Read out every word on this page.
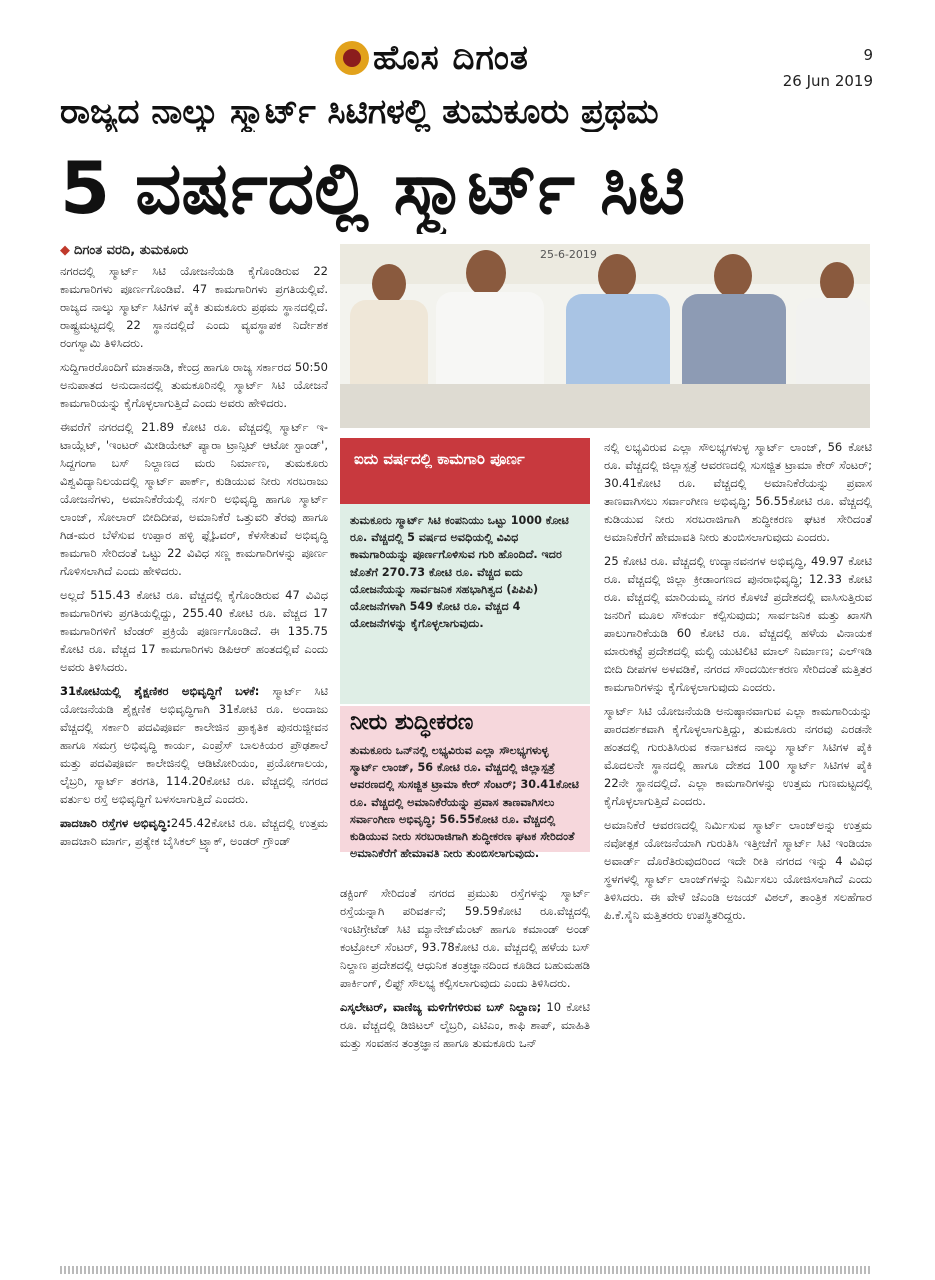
ಹೊಸ ದಿಗಂತ	9
26 Jun 2019
ರಾಜ್ಯದ ನಾಲ್ಕು ಸ್ಮಾರ್ಟ್ ಸಿಟಿಗಳಲ್ಲಿ ತುಮಕೂರು ಪ್ರಥಮ
5 ವರ್ಷದಲ್ಲಿ ಸ್ಮಾರ್ಟ್ ಸಿಟಿ
◆ ದಿಗಂತ ವರದಿ, ತುಮಕೂರು

ನಗರದಲ್ಲಿ ಸ್ಮಾರ್ಟ್ ಸಿಟಿ ಯೋಜನೆಯಡಿ ಕೈಗೊಂಡಿರುವ 22 ಕಾಮಗಾರಿಗಳು ಪೂರ್ಣಗೊಂಡಿವೆ. 47 ಕಾಮಗಾರಿಗಳು ಪ್ರಗತಿಯಲ್ಲಿವೆ. ರಾಜ್ಯದ ನಾಲ್ಕು ಸ್ಮಾರ್ಟ್ ಸಿಟಿಗಳ ಪೈಕಿ ತುಮಕೂರು ಪ್ರಥಮ ಸ್ಥಾನದಲ್ಲಿದೆ. ರಾಷ್ಟ್ರಮಟ್ಟದಲ್ಲಿ 22 ಸ್ಥಾನದಲ್ಲಿದೆ ಎಂದು ವ್ಯವಸ್ಥಾಪಕ ನಿರ್ದೇಶಕ ರಂಗಸ್ವಾಮಿ ತಿಳಿಸಿದರು.

ಸುದ್ದಿಗಾರರೊಂದಿಗೆ ಮಾತನಾಡಿ, ಕೇಂದ್ರ ಹಾಗೂ ರಾಜ್ಯ ಸರ್ಕಾರದ 50:50 ಅನುಪಾತದ ಅನುದಾನದಲ್ಲಿ ತುಮಕೂರಿನಲ್ಲಿ ಸ್ಮಾರ್ಟ್ ಸಿಟಿ ಯೋಜನೆ ಕಾಮಗಾರಿಯನ್ನು ಕೈಗೊಳ್ಳಲಾಗುತ್ತಿದೆ ಎಂದು ಅವರು ಹೇಳಿದರು.

ಈವರೆಗೆ ನಗರದಲ್ಲಿ 21.89 ಕೋಟಿ ರೂ. ವೆಚ್ಚದಲ್ಲಿ ಸ್ಮಾರ್ಟ್ ಇ-ಟಾಯ್ಲೆಟ್, 'ಇಂಟರ್ ಮೀಡಿಯೇಟ್ ಪ್ಯಾರಾ ಟ್ರಾನ್ಸಿಟ್ ಆಟೋ ಸ್ಟಾಂಡ್', ಸಿದ್ದಗಂಗಾ ಬಸ್ ನಿಲ್ದಾಣದ ಮರು ನಿರ್ಮಾಣ, ತುಮಕೂರು ವಿಶ್ವವಿದ್ಯಾನಿಲಯದಲ್ಲಿ ಸ್ಮಾರ್ಟ್ ಪಾರ್ಕ್, ಕುಡಿಯುವ ನೀರು ಸರಬರಾಜು ಯೋಜನೆಗಳು, ಅಮಾನಿಕೆರೆಯಲ್ಲಿ ನರ್ಸರಿ ಅಭಿವೃದ್ಧಿ ಹಾಗೂ ಸ್ಮಾರ್ಟ್ ಲಾಂಜ್, ಸೋಲಾರ್ ಬೀದಿದೀಪ, ಅಮಾನಿಕೆರೆ ಒತ್ತುವರಿ ತೆರವು ಹಾಗೂ ಗಿಡ-ಮರ ಬೆಳೆಸುವ ಉಪ್ಪಾರ ಹಳ್ಳಿ ಫ್ಲೈಓವರ್, ಕೆಳಸೇತುವೆ ಅಭಿವೃದ್ಧಿ ಕಾಮಗಾರಿ ಸೇರಿದಂತೆ ಒಟ್ಟು 22 ವಿವಿಧ ಸಣ್ಣ ಕಾಮಗಾರಿಗಳನ್ನು ಪೂರ್ಣ ಗೊಳಿಸಲಾಗಿದೆ ಎಂದು ಹೇಳಿದರು.

ಅಲ್ಲದೆ 515.43 ಕೋಟಿ ರೂ. ವೆಚ್ಚದಲ್ಲಿ ಕೈಗೊಂಡಿರುವ 47 ವಿವಿಧ ಕಾಮಗಾರಿಗಳು ಪ್ರಗತಿಯಲ್ಲಿದ್ದು, 255.40 ಕೋಟಿ ರೂ. ವೆಚ್ಚದ 17 ಕಾಮಗಾರಿಗಳಿಗೆ ಟೆಂಡರ್ ಪ್ರಕ್ರಿಯೆ ಪೂರ್ಣಗೊಂಡಿದೆ. ಈ 135.75 ಕೋಟಿ ರೂ. ವೆಚ್ಚದ 17 ಕಾಮಗಾರಿಗಳು ಡಿಪಿಆರ್ ಹಂತದಲ್ಲಿವೆ ಎಂದು ಅವರು ತಿಳಿಸಿದರು.

31ಕೋಟಿಯಲ್ಲಿ ಶೈಕ್ಷಣಿಕರ ಅಭಿವೃದ್ಧಿಗೆ ಬಳಕೆ: ಸ್ಮಾರ್ಟ್ ಸಿಟಿ ಯೋಜನೆಯಡಿ ಶೈಕ್ಷಣಿಕ ಅಭಿವೃದ್ಧಿಗಾಗಿ 31ಕೋಟಿ ರೂ. ಅಂದಾಜು ವೆಚ್ಚದಲ್ಲಿ ಸರ್ಕಾರಿ ಪದವಿಪೂರ್ವ ಕಾಲೇಜಿನ ಪ್ರಾಕೃತಿಕ ಪುನರುಜ್ಜೀವನ ಹಾಗೂ ಸಮಗ್ರ ಅಭಿವೃದ್ಧಿ ಕಾರ್ಯ, ಎಂಪ್ರೆಸ್ ಬಾಲಕಿಯರ ಪ್ರೌಢಶಾಲೆ ಮತ್ತು ಪದವಿಪೂರ್ವ ಕಾಲೇಜಿನಲ್ಲಿ ಆಡಿಟೋರಿಯಂ, ಪ್ರಯೋಗಾಲಯ, ಲೈಬ್ರರಿ, ಸ್ಮಾರ್ಟ್ ತರಗತಿ, 114.20ಕೋಟಿ ರೂ. ವೆಚ್ಚದಲ್ಲಿ ನಗರದ ವರ್ತುಲ ರಸ್ತೆ ಅಭಿವೃದ್ಧಿಗೆ ಬಳಸಲಾಗುತ್ತಿದೆ ಎಂದರು.

ಪಾದಚಾರಿ ರಸ್ತೆಗಳ ಅಭಿವೃದ್ಧಿ:245.42ಕೋಟಿ ರೂ. ವೆಚ್ಚದಲ್ಲಿ ಉತ್ತಮ ಪಾದಚಾರಿ ಮಾರ್ಗ, ಪ್ರತ್ಯೇಕ ಬೈಸಿಕಲ್ ಟ್ರ್ಯಾಕ್, ಅಂಡರ್ ಗ್ರೌಂಡ್

25-6-2019
ಐದು ವರ್ಷದಲ್ಲಿ ಕಾಮಗಾರಿ ಪೂರ್ಣ
ತುಮಕೂರು ಸ್ಮಾರ್ಟ್ ಸಿಟಿ ಕಂಪನಿಯು ಒಟ್ಟು 1000 ಕೋಟಿ ರೂ. ವೆಚ್ಚದಲ್ಲಿ 5 ವರ್ಷದ ಅವಧಿಯಲ್ಲಿ ವಿವಿಧ ಕಾಮಗಾರಿಯನ್ನು ಪೂರ್ಣಗೊಳಿಸುವ ಗುರಿ ಹೊಂದಿದೆ. ಇದರ ಜೊತೆಗೆ 270.73 ಕೋಟಿ ರೂ. ವೆಚ್ಚದ ಐದು ಯೋಜನೆಯನ್ನು ಸಾರ್ವಜನಿಕ ಸಹಭಾಗಿತ್ವದ (ಪಿಪಿಪಿ) ಯೋಜನೆಗಳಾಗಿ 549 ಕೋಟಿ ರೂ. ವೆಚ್ಚದ 4 ಯೋಜನೆಗಳನ್ನು ಕೈಗೊಳ್ಳಲಾಗುವುದು.
ನೀರು ಶುದ್ಧೀಕರಣ
ತುಮಕೂರು ಒನ್‌ನಲ್ಲಿ ಲಭ್ಯವಿರುವ ಎಲ್ಲಾ ಸೌಲಭ್ಯಗಳುಳ್ಳ ಸ್ಮಾರ್ಟ್ ಲಾಂಜ್, 56 ಕೋಟಿ ರೂ. ವೆಚ್ಚದಲ್ಲಿ ಜಿಲ್ಲಾಸ್ಪತ್ರೆ ಆವರಣದಲ್ಲಿ ಸುಸಜ್ಜಿತ ಟ್ರಾಮಾ ಕೇರ್ ಸೆಂಟರ್; 30.41ಕೋಟಿ ರೂ. ವೆಚ್ಚದಲ್ಲಿ ಅಮಾನಿಕೆರೆಯನ್ನು ಪ್ರವಾಸ ತಾಣವಾಗಿಸಲು ಸರ್ವಾಂಗೀಣ ಅಭಿವೃದ್ಧಿ; 56.55ಕೋಟಿ ರೂ. ವೆಚ್ಚದಲ್ಲಿ ಕುಡಿಯುವ ನೀರು ಸರಬರಾಜಿಗಾಗಿ ಶುದ್ಧೀಕರಣ ಘಟಕ ಸೇರಿದಂತೆ ಅಮಾನಿಕೆರೆಗೆ ಹೇಮಾವತಿ ನೀರು ತುಂಬಿಸಲಾಗುವುದು.

ಡಕ್ಟಿಂಗ್ ಸೇರಿದಂತೆ ನಗರದ ಪ್ರಮುಖ ರಸ್ತೆಗಳನ್ನು ಸ್ಮಾರ್ಟ್ ರಸ್ತೆಯನ್ನಾಗಿ ಪರಿವರ್ತನೆ; 59.59ಕೋಟಿ ರೂ.ವೆಚ್ಚದಲ್ಲಿ ಇಂಟಿಗ್ರೇಟೆಡ್ ಸಿಟಿ ಮ್ಯಾನೇಜ್‌ಮೆಂಟ್ ಹಾಗೂ ಕಮಾಂಡ್ ಅಂಡ್ ಕಂಟ್ರೋಲ್ ಸೆಂಟರ್, 93.78ಕೋಟಿ ರೂ. ವೆಚ್ಚದಲ್ಲಿ ಹಳೆಯ ಬಸ್ ನಿಲ್ದಾಣ ಪ್ರದೇಶದಲ್ಲಿ ಆಧುನಿಕ ತಂತ್ರಜ್ಞಾನದಿಂದ ಕೂಡಿದ ಬಹುಮಹಡಿ ಪಾರ್ಕಿಂಗ್, ಲಿಫ್ಟ್ ಸೌಲಭ್ಯ ಕಲ್ಪಿಸಲಾಗುವುದು ಎಂದು ತಿಳಿಸಿದರು.

ಎಸ್ಕಲೇಟರ್, ವಾಣಿಜ್ಯ ಮಳಿಗೆಗಳಿರುವ ಬಸ್ ನಿಲ್ದಾಣ; 10 ಕೋಟಿ ರೂ. ವೆಚ್ಚದಲ್ಲಿ ಡಿಜಿಟಲ್ ಲೈಬ್ರರಿ, ಎಟಿಎಂ, ಕಾಫಿ ಶಾಪ್, ಮಾಹಿತಿ ಮತ್ತು ಸಂವಹನ ತಂತ್ರಜ್ಞಾನ ಹಾಗೂ ತುಮಕೂರು ಒನ್

ನಲ್ಲಿ ಲಭ್ಯವಿರುವ ಎಲ್ಲಾ ಸೌಲಭ್ಯಗಳುಳ್ಳ ಸ್ಮಾರ್ಟ್ ಲಾಂಜ್, 56 ಕೋಟಿ ರೂ. ವೆಚ್ಚದಲ್ಲಿ ಜಿಲ್ಲಾಸ್ಪತ್ರೆ ಆವರಣದಲ್ಲಿ ಸುಸಜ್ಜಿತ ಟ್ರಾಮಾ ಕೇರ್ ಸೆಂಟರ್; 30.41ಕೋಟಿ ರೂ. ವೆಚ್ಚದಲ್ಲಿ ಅಮಾನಿಕೆರೆಯನ್ನು ಪ್ರವಾಸ ತಾಣವಾಗಿಸಲು ಸರ್ವಾಂಗೀಣ ಅಭಿವೃದ್ಧಿ; 56.55ಕೋಟಿ ರೂ. ವೆಚ್ಚದಲ್ಲಿ ಕುಡಿಯುವ ನೀರು ಸರಬರಾಜಿಗಾಗಿ ಶುದ್ಧೀಕರಣ ಘಟಕ ಸೇರಿದಂತೆ ಅಮಾನಿಕೆರೆಗೆ ಹೇಮಾವತಿ ನೀರು ತುಂಬಿಸಲಾಗುವುದು ಎಂದರು.

25 ಕೋಟಿ ರೂ. ವೆಚ್ಚದಲ್ಲಿ ಉದ್ಯಾನವನಗಳ ಅಭಿವೃದ್ಧಿ, 49.97 ಕೋಟಿ ರೂ. ವೆಚ್ಚದಲ್ಲಿ ಜಿಲ್ಲಾ ಕ್ರೀಡಾಂಗಣದ ಪುನರಾಭಿವೃದ್ಧಿ; 12.33 ಕೋಟಿ ರೂ. ವೆಚ್ಚದಲ್ಲಿ ಮಾರಿಯಮ್ಮ ನಗರ ಕೊಳಚೆ ಪ್ರದೇಶದಲ್ಲಿ ವಾಸಿಸುತ್ತಿರುವ ಜನರಿಗೆ ಮೂಲ ಸೌಕರ್ಯ ಕಲ್ಪಿಸುವುದು; ಸಾರ್ವಜನಿಕ ಮತ್ತು ಖಾಸಗಿ ಪಾಲುಗಾರಿಕೆಯಡಿ 60 ಕೋಟಿ ರೂ. ವೆಚ್ಚದಲ್ಲಿ ಹಳೆಯ ವಿನಾಯಕ ಮಾರುಕಟ್ಟೆ ಪ್ರದೇಶದಲ್ಲಿ ಮಲ್ಟಿ ಯುಟಿಲಿಟಿ ಮಾಲ್ ನಿರ್ಮಾಣ; ಎಲ್‌ಇಡಿ ಬೀದಿ ದೀಪಗಳ ಅಳವಡಿಕೆ, ನಗರದ ಸೌಂದರ್ಯೀಕರಣ ಸೇರಿದಂತೆ ಮತ್ತಿತರ ಕಾಮಗಾರಿಗಳನ್ನು ಕೈಗೊಳ್ಳಲಾಗುವುದು ಎಂದರು.

ಸ್ಮಾರ್ಟ್ ಸಿಟಿ ಯೋಜನೆಯಡಿ ಅನುಷ್ಠಾನವಾಗುವ ಎಲ್ಲಾ ಕಾಮಗಾರಿಯನ್ನು ಪಾರದರ್ಶಕವಾಗಿ ಕೈಗೊಳ್ಳಲಾಗುತ್ತಿದ್ದು, ತುಮಕೂರು ನಗರವು ಎರಡನೇ ಹಂತದಲ್ಲಿ ಗುರುತಿಸಿರುವ ಕರ್ನಾಟಕದ ನಾಲ್ಕು ಸ್ಮಾರ್ಟ್ ಸಿಟಿಗಳ ಪೈಕಿ ಮೊದಲನೇ ಸ್ಥಾನದಲ್ಲಿ ಹಾಗೂ ದೇಶದ 100 ಸ್ಮಾರ್ಟ್ ಸಿಟಿಗಳ ಪೈಕಿ 22ನೇ ಸ್ಥಾನದಲ್ಲಿದೆ. ಎಲ್ಲಾ ಕಾಮಗಾರಿಗಳನ್ನು ಉತ್ತಮ ಗುಣಮಟ್ಟದಲ್ಲಿ ಕೈಗೊಳ್ಳಲಾಗುತ್ತಿದೆ ಎಂದರು.

ಅಮಾನಿಕೆರೆ ಆವರಣದಲ್ಲಿ ನಿರ್ಮಿಸುವ ಸ್ಮಾರ್ಟ್ ಲಾಂಜ್‌ಅನ್ನು ಉತ್ತಮ ನವೋತ್ಪಕ ಯೋಜನೆಯಾಗಿ ಗುರುತಿಸಿ ಇತ್ತೀಚೆಗೆ ಸ್ಮಾರ್ಟ್ ಸಿಟಿ ಇಂಡಿಯಾ ಅವಾರ್ಡ್ ದೊರೆತಿರುವುದರಿಂದ ಇದೇ ರೀತಿ ನಗರದ ಇನ್ನು 4 ವಿವಿಧ ಸ್ಥಳಗಳಲ್ಲಿ ಸ್ಮಾರ್ಟ್ ಲಾಂಜ್‌ಗಳನ್ನು ನಿರ್ಮಿಸಲು ಯೋಜಿಸಲಾಗಿದೆ ಎಂದು ತಿಳಿಸಿದರು. ಈ ವೇಳೆ ಜೆಎಂಡಿ ಅಜಯ್ ವಿಠಲ್, ತಾಂತ್ರಿಕ ಸಲಹೆಗಾರ ಪಿ.ಕೆ.ಸೈನಿ ಮತ್ತಿತರರು ಉಪಸ್ಥಿತರಿದ್ದರು.
